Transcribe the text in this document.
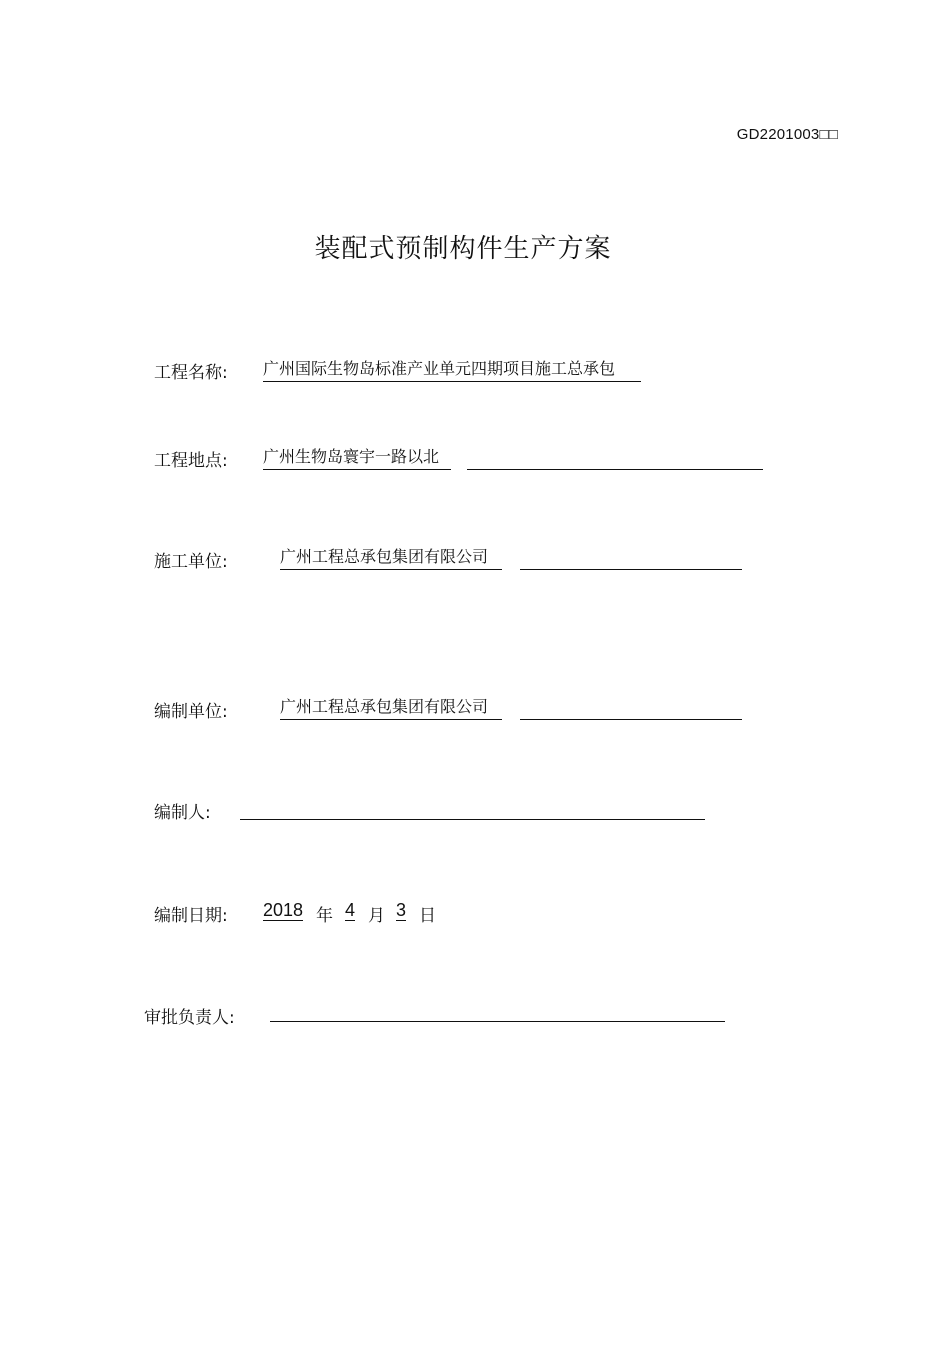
GD2201003□□
装配式预制构件生产方案
工程名称: 广州国际生物岛标准产业单元四期项目施工总承包
工程地点: 广州生物岛寰宇一路以北
施工单位:	广州工程总承包集团有限公司
编制单位:	广州工程总承包集团有限公司
编制人:
编制日期: 2018 年 4 月 3 日
审批负责人:
